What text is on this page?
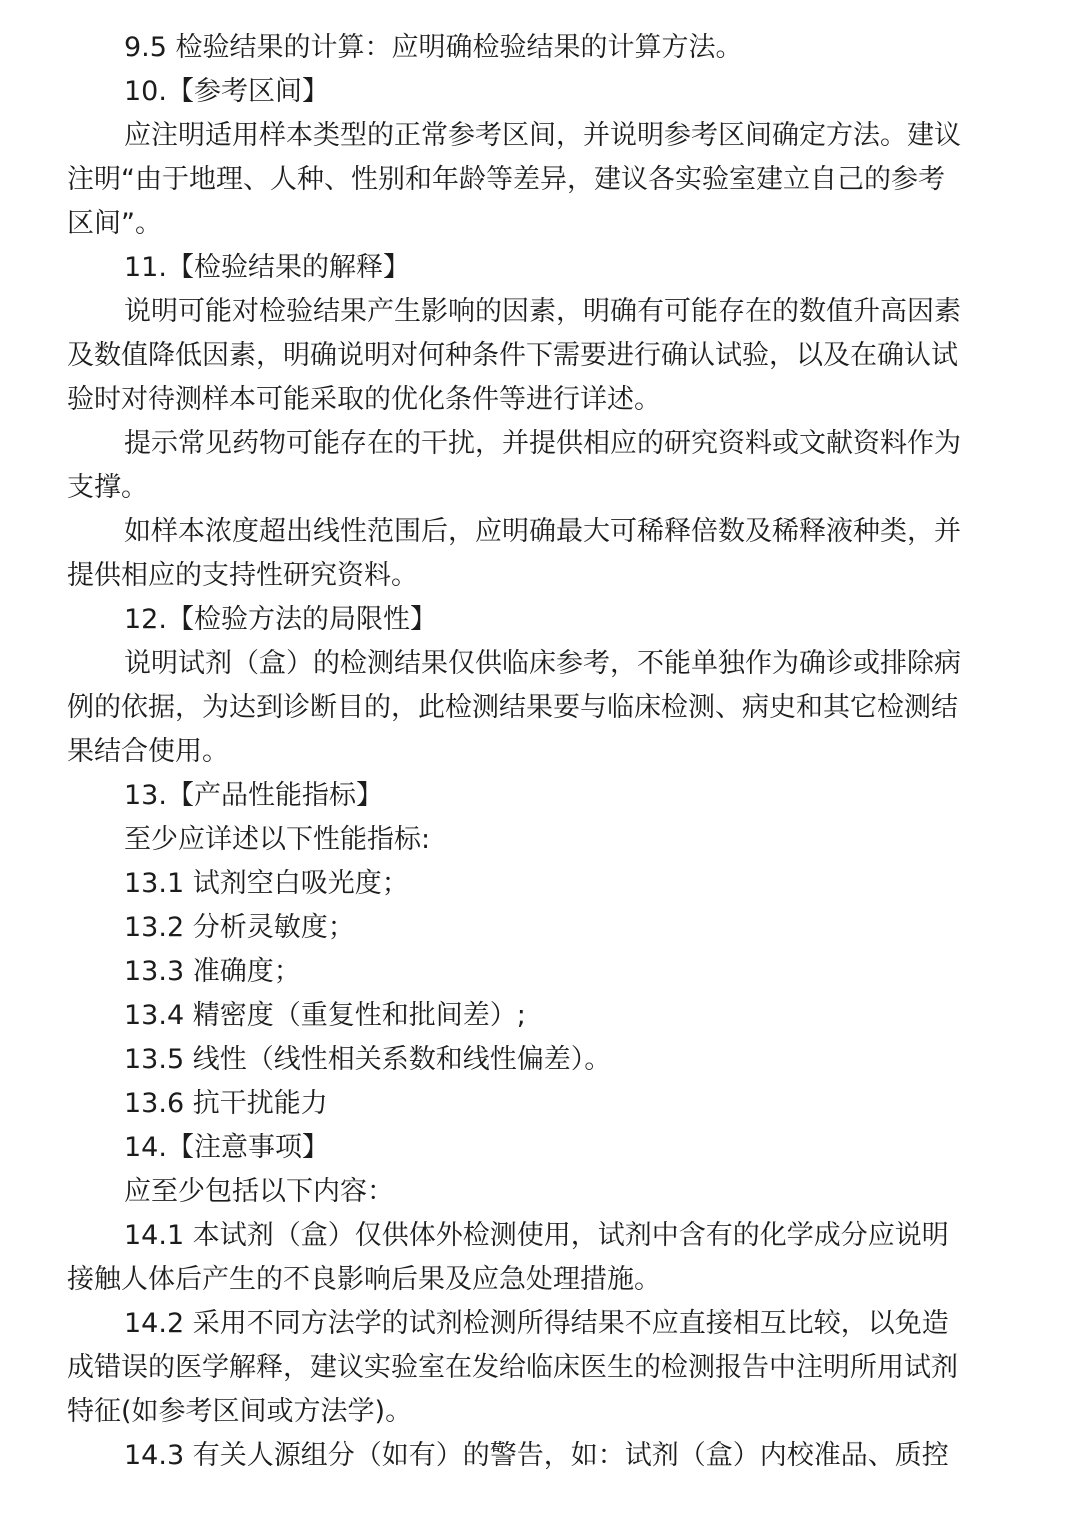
9.5 检验结果的计算：应明确检验结果的计算方法。
10.【参考区间】
应注明适用样本类型的正常参考区间，并说明参考区间确定方法。建议
注明“由于地理、人种、性别和年龄等差异，建议各实验室建立自己的参考
区间”。
11.【检验结果的解释】
说明可能对检验结果产生影响的因素，明确有可能存在的数值升高因素
及数值降低因素，明确说明对何种条件下需要进行确认试验，以及在确认试
验时对待测样本可能采取的优化条件等进行详述。
提示常见药物可能存在的干扰，并提供相应的研究资料或文献资料作为
支撑。
如样本浓度超出线性范围后，应明确最大可稀释倍数及稀释液种类，并
提供相应的支持性研究资料。
12.【检验方法的局限性】
说明试剂（盒）的检测结果仅供临床参考，不能单独作为确诊或排除病
例的依据，为达到诊断目的，此检测结果要与临床检测、病史和其它检测结
果结合使用。
13.【产品性能指标】
至少应详述以下性能指标:
13.1 试剂空白吸光度；
13.2 分析灵敏度；
13.3 准确度；
13.4 精密度（重复性和批间差）;
13.5 线性（线性相关系数和线性偏差）。
13.6 抗干扰能力
14.【注意事项】
应至少包括以下内容：
14.1 本试剂（盒）仅供体外检测使用，试剂中含有的化学成分应说明
接触人体后产生的不良影响后果及应急处理措施。
14.2 采用不同方法学的试剂检测所得结果不应直接相互比较，以免造
成错误的医学解释，建议实验室在发给临床医生的检测报告中注明所用试剂
特征(如参考区间或方法学)。
14.3 有关人源组分（如有）的警告，如：试剂（盒）内校准品、质控
